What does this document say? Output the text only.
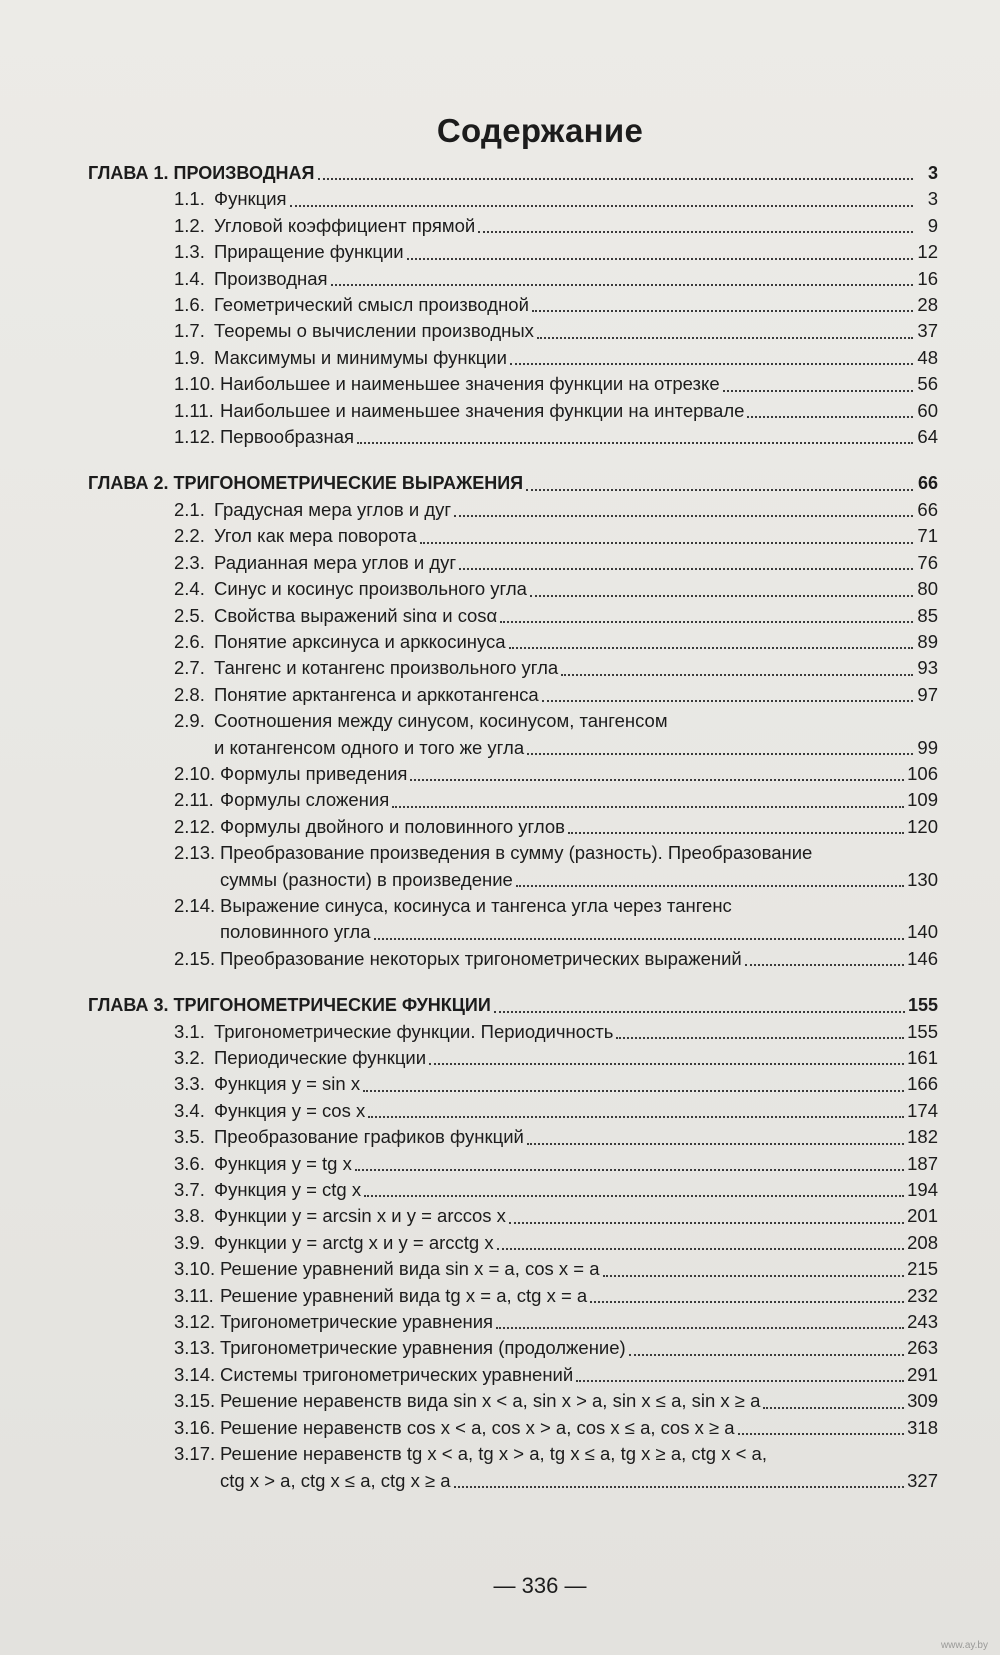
Содержание
ГЛАВА 1. ПРОИЗВОДНАЯ	3
1.1. Функция	3
1.2. Угловой коэффициент прямой	9
1.3. Приращение функции	12
1.4. Производная	16
1.6. Геометрический смысл производной	28
1.7. Теоремы о вычислении производных	37
1.9. Максимумы и минимумы функции	48
1.10. Наибольшее и наименьшее значения функции на отрезке	56
1.11. Наибольшее и наименьшее значения функции на интервале	60
1.12. Первообразная	64
ГЛАВА 2. ТРИГОНОМЕТРИЧЕСКИЕ ВЫРАЖЕНИЯ	66
2.1. Градусная мера углов и дуг	66
2.2. Угол как мера поворота	71
2.3. Радианная мера углов и дуг	76
2.4. Синус и косинус произвольного угла	80
2.5. Свойства выражений sinα и cosα	85
2.6. Понятие арксинуса и арккосинуса	89
2.7. Тангенс и котангенс произвольного угла	93
2.8. Понятие арктангенса и арккотангенса	97
2.9. Соотношения между синусом, косинусом, тангенсом
и котангенсом одного и того же угла	99
2.10. Формулы приведения	106
2.11. Формулы сложения	109
2.12. Формулы двойного и половинного углов	120
2.13. Преобразование произведения в сумму (разность). Преобразование
суммы (разности) в произведение	130
2.14. Выражение синуса, косинуса и тангенса угла через тангенс
половинного угла	140
2.15. Преобразование некоторых тригонометрических выражений	146
ГЛАВА 3. ТРИГОНОМЕТРИЧЕСКИЕ ФУНКЦИИ	155
3.1. Тригонометрические функции. Периодичность	155
3.2. Периодические функции	161
3.3. Функция y = sin x	166
3.4. Функция y = cos x	174
3.5. Преобразование графиков функций	182
3.6. Функция y = tg x	187
3.7. Функция y = ctg x	194
3.8. Функции y = arcsin x и y = arccos x	201
3.9. Функции y = arctg x и y = arcctg x	208
3.10. Решение уравнений вида sin x = a, cos x = a	215
3.11. Решение уравнений вида tg x = a, ctg x = a	232
3.12. Тригонометрические уравнения	243
3.13. Тригонометрические уравнения (продолжение)	263
3.14. Системы тригонометрических уравнений	291
3.15. Решение неравенств вида sin x < a, sin x > a, sin x ≤ a, sin x ≥ a	309
3.16. Решение неравенств cos x < a, cos x > a, cos x ≤ a, cos x ≥ a	318
3.17. Решение неравенств tg x < a, tg x > a, tg x ≤ a, tg x ≥ a, ctg x < a,
ctg x > a, ctg x ≤ a, ctg x ≥ a	327
— 336 —
www.ay.by
